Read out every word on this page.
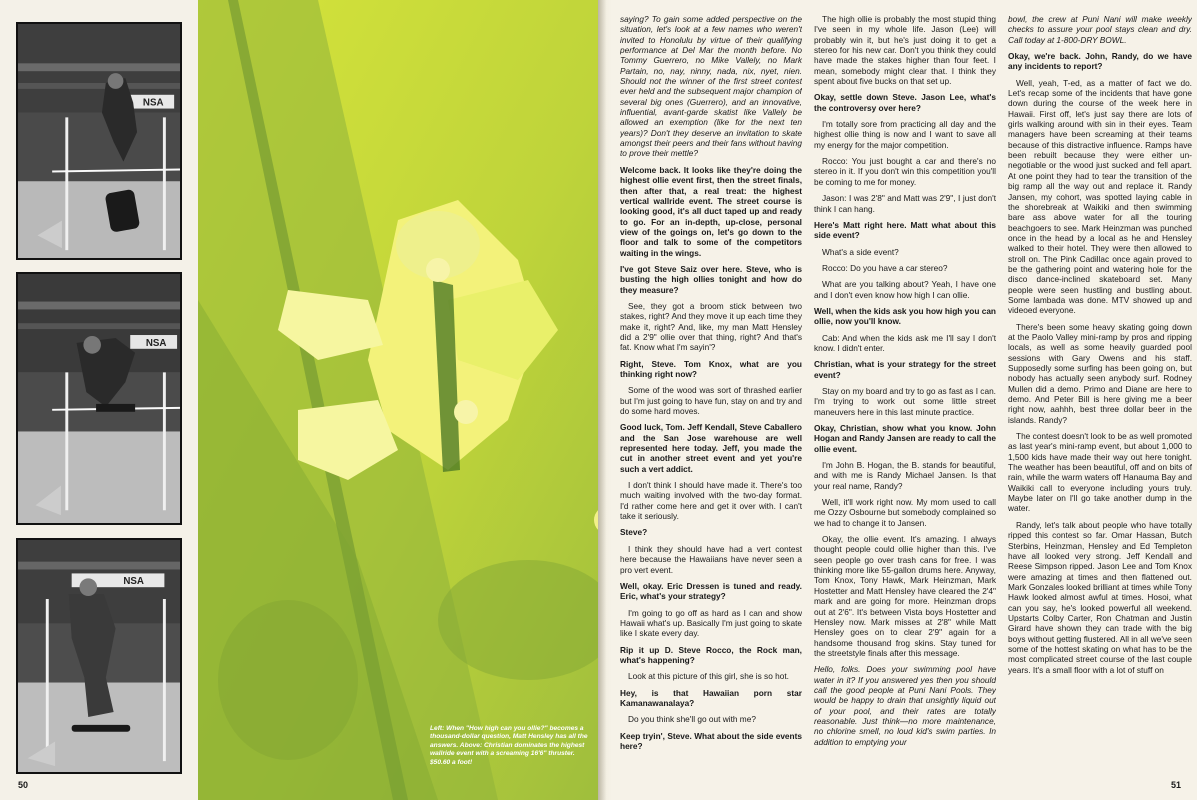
NSA
NSA
NSA
50
Left: When "How high can you ollie?" becomes a thousand-dollar question, Matt Hensley has all the answers. Above: Christian dominates the highest wallride event with a screaming 16'6" thruster. $50.60 a foot!

saying? To gain some added perspective on the situation, let's look at a few names who weren't invited to Honolulu by virtue of their qualifying performance at Del Mar the month before. No Tommy Guerrero, no Mike Vallely, no Mark Partain, no, nay, ninny, nada, nix, nyet, nien. Should not the winner of the first street contest ever held and the subsequent major champion of several big ones (Guerrero), and an innovative, influential, avant-garde skatist like Vallely be allowed an exemption (like for the next ten years)? Don't they deserve an invitation to skate amongst their peers and their fans without having to prove their mettle?

Welcome back. It looks like they're doing the highest ollie event first, then the street finals, then after that, a real treat: the highest vertical wallride event. The street course is looking good, it's all duct taped up and ready to go. For an in-depth, up-close, personal view of the goings on, let's go down to the floor and talk to some of the competitors waiting in the wings.

I've got Steve Saiz over here. Steve, who is busting the high ollies tonight and how do they measure?

See, they got a broom stick between two stakes, right? And they move it up each time they make it, right? And, like, my man Matt Hensley did a 2'9" ollie over that thing, right? And that's fat. Know what I'm sayin'?

Right, Steve. Tom Knox, what are you thinking right now?

Some of the wood was sort of thrashed earlier but I'm just going to have fun, stay on and try and do some hard moves.

Good luck, Tom. Jeff Kendall, Steve Caballero and the San Jose warehouse are well represented here today. Jeff, you made the cut in another street event and yet you're such a vert addict.

I don't think I should have made it. There's too much waiting involved with the two-day format. I'd rather come here and get it over with. I can't take it seriously.

Steve?

I think they should have had a vert contest here because the Hawaiians have never seen a pro vert event.

Well, okay. Eric Dressen is tuned and ready. Eric, what's your strategy?

I'm going to go off as hard as I can and show Hawaii what's up. Basically I'm just going to skate like I skate every day.

Rip it up D. Steve Rocco, the Rock man, what's happening?

Look at this picture of this girl, she is so hot.

Hey, is that Hawaiian porn star Kamanawanalaya?

Do you think she'll go out with me?

Keep tryin', Steve. What about the side events here?

The high ollie is probably the most stupid thing I've seen in my whole life. Jason (Lee) will probably win it, but he's just doing it to get a stereo for his new car. Don't you think they could have made the stakes higher than four feet. I mean, somebody might clear that. I think they spent about five bucks on that set up.

Okay, settle down Steve. Jason Lee, what's the controversy over here?

I'm totally sore from practicing all day and the highest ollie thing is now and I want to save all my energy for the major competition.

Rocco: You just bought a car and there's no stereo in it. If you don't win this competition you'll be coming to me for money.

Jason: I was 2'8" and Matt was 2'9", I just don't think I can hang.

Here's Matt right here. Matt what about this side event?

What's a side event?

Rocco: Do you have a car stereo?

What are you talking about? Yeah, I have one and I don't even know how high I can ollie.

Well, when the kids ask you how high you can ollie, now you'll know.

Cab: And when the kids ask me I'll say I don't know. I didn't enter.

Christian, what is your strategy for the street event?

Stay on my board and try to go as fast as I can. I'm trying to work out some little street maneuvers here in this last minute practice.

Okay, Christian, show what you know. John Hogan and Randy Jansen are ready to call the ollie event.

I'm John B. Hogan, the B. stands for beautiful, and with me is Randy Michael Jansen. Is that your real name, Randy?

Well, it'll work right now. My mom used to call me Ozzy Osbourne but somebody complained so we had to change it to Jansen.

Okay, the ollie event. It's amazing. I always thought people could ollie higher than this. I've seen people go over trash cans for free. I was thinking more like 55-gallon drums here. Anyway, Tom Knox, Tony Hawk, Mark Heinzman, Mark Hostetter and Matt Hensley have cleared the 2'4" mark and are going for more. Heinzman drops out at 2'6". It's between Vista boys Hostetter and Hensley now. Mark misses at 2'8" while Matt Hensley goes on to clear 2'9" again for a handsome thousand frog skins. Stay tuned for the streetstyle finals after this message.

Hello, folks. Does your swimming pool have water in it? If you answered yes then you should call the good people at Puni Nani Pools. They would be happy to drain that unsightly liquid out of your pool, and their rates are totally reasonable. Just think—no more maintenance, no chlorine smell, no loud kid's swim parties. In addition to emptying your

bowl, the crew at Puni Nani will make weekly checks to assure your pool stays clean and dry. Call today at 1-800-DRY BOWL.

Okay, we're back. John, Randy, do we have any incidents to report?

Well, yeah, T-ed, as a matter of fact we do. Let's recap some of the incidents that have gone down during the course of the week here in Hawaii. First off, let's just say there are lots of girls walking around with sin in their eyes. Team managers have been screaming at their teams because of this distractive influence. Ramps have been rebuilt because they were either un-negotiable or the wood just sucked and fell apart. At one point they had to tear the transition of the big ramp all the way out and replace it. Randy Jansen, my cohort, was spotted laying cable in the shorebreak at Waikiki and then swimming bare ass above water for all the touring beachgoers to see. Mark Heinzman was punched once in the head by a local as he and Hensley walked to their hotel. They were then allowed to stroll on. The Pink Cadillac once again proved to be the gathering point and watering hole for the disco dance-inclined skateboard set. Many people were seen hustling and bustling about. Some lambada was done. MTV showed up and videoed everyone.

There's been some heavy skating going down at the Paolo Valley mini-ramp by pros and ripping locals, as well as some heavily guarded pool sessions with Gary Owens and his staff. Supposedly some surfing has been going on, but nobody has actually seen anybody surf. Rodney Mullen did a demo. Primo and Diane are here to demo. And Peter Bill is here giving me a beer right now, aahhh, best three dollar beer in the islands. Randy?

The contest doesn't look to be as well promoted as last year's mini-ramp event, but about 1,000 to 1,500 kids have made their way out here tonight. The weather has been beautiful, off and on bits of rain, while the warm waters off Hanauma Bay and Waikiki call to everyone including yours truly. Maybe later on I'll go take another dump in the water.

Randy, let's talk about people who have totally ripped this contest so far. Omar Hassan, Butch Sterbins, Heinzman, Hensley and Ed Templeton have all looked very strong. Jeff Kendall and Reese Simpson ripped. Jason Lee and Tom Knox were amazing at times and then flattened out. Mark Gonzales looked brilliant at times while Tony Hawk looked almost awful at times. Hosoi, what can you say, he's looked powerful all weekend. Upstarts Colby Carter, Ron Chatman and Justin Girard have shown they can trade with the big boys without getting flustered. All in all we've seen some of the hottest skating on what has to be the most complicated street course of the last couple years. It's a small floor with a lot of stuff on

51
